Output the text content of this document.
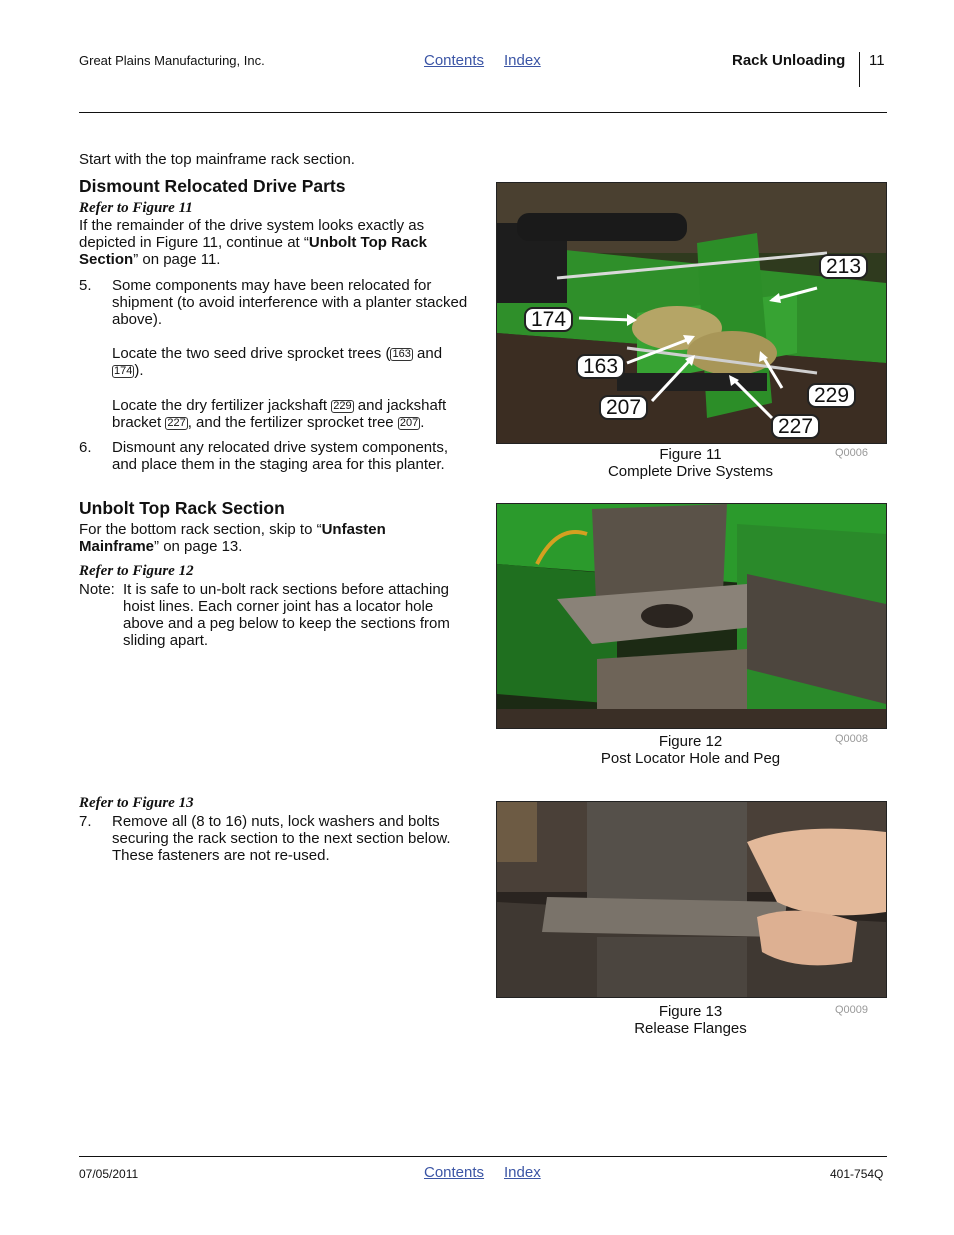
Great Plains Manufacturing, Inc.	Contents Index	Rack Unloading 11
Start with the top mainframe rack section.
Dismount Relocated Drive Parts
Refer to Figure 11
If the remainder of the drive system looks exactly as depicted in Figure 11, continue at “Unbolt Top Rack Section” on page 11.
5. Some components may have been relocated for shipment (to avoid interference with a planter stacked above).
Locate the two seed drive sprocket trees ( 163 and 174 ).
Locate the dry fertilizer jackshaft 229 and jackshaft bracket 227 , and the fertilizer sprocket tree 207 .
6. Dismount any relocated drive system components, and place them in the staging area for this planter.
Unbolt Top Rack Section
For the bottom rack section, skip to “Unfasten Mainframe” on page 13.
Refer to Figure 12
Note: It is safe to un-bolt rack sections before attaching hoist lines. Each corner joint has a locator hole above and a peg below to keep the sections from sliding apart.
Refer to Figure 13
7. Remove all (8 to 16) nuts, lock washers and bolts securing the rack section to the next section below. These fasteners are not re-used.
213
174
163
207
229
227
Figure 11
Complete Drive Systems
Q0006
Figure 12
Post Locator Hole and Peg
Q0008
Figure 13
Release Flanges
Q0009
07/05/2011	Contents Index	401-754Q
